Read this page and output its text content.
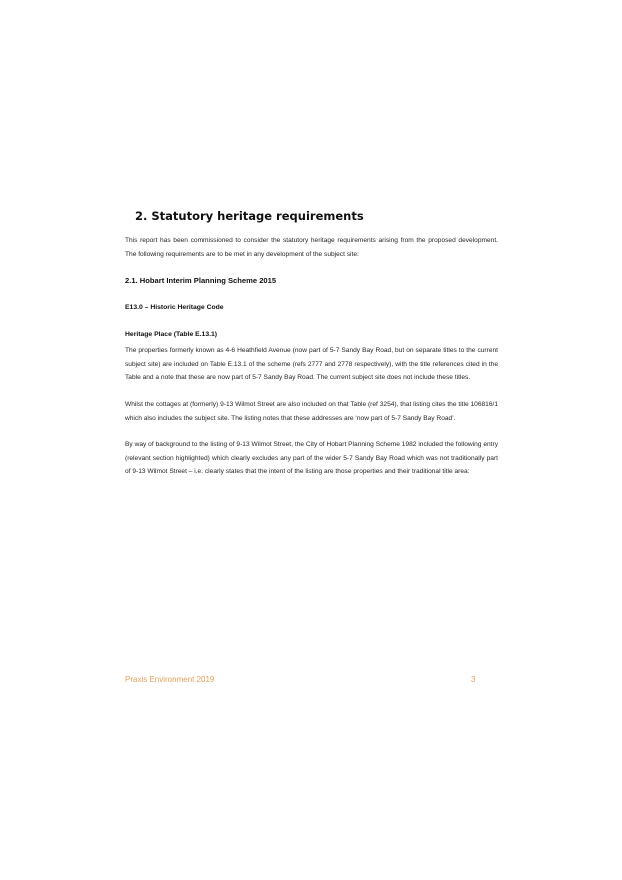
2. Statutory heritage requirements

This report has been commissioned to consider the statutory heritage requirements arising from the proposed development. The following requirements are to be met in any development of the subject site:

2.1. Hobart Interim Planning Scheme 2015
E13.0 – Historic Heritage Code
Heritage Place (Table E.13.1)

The properties formerly known as 4-6 Heathfield Avenue (now part of 5-7 Sandy Bay Road, but on separate titles to the current subject site) are included on Table E.13.1 of the scheme (refs 2777 and 2778 respectively), with the title references cited in the Table and a note that these are now part of 5-7 Sandy Bay Road. The current subject site does not include these titles.

Whilst the cottages at (formerly) 9-13 Wilmot Street are also included on that Table (ref 3254), that listing cites the title 106816/1 which also includes the subject site. The listing notes that these addresses are ‘now part of 5-7 Sandy Bay Road’.

By way of background to the listing of 9-13 Wilmot Street, the City of Hobart Planning Scheme 1982 included the following entry (relevant section highlighted) which clearly excludes any part of the wider 5-7 Sandy Bay Road which was not traditionally part of 9-13 Wilmot Street – i.e. clearly states that the intent of the listing are those properties and their traditional title area:

Praxis Environment 2019	3
